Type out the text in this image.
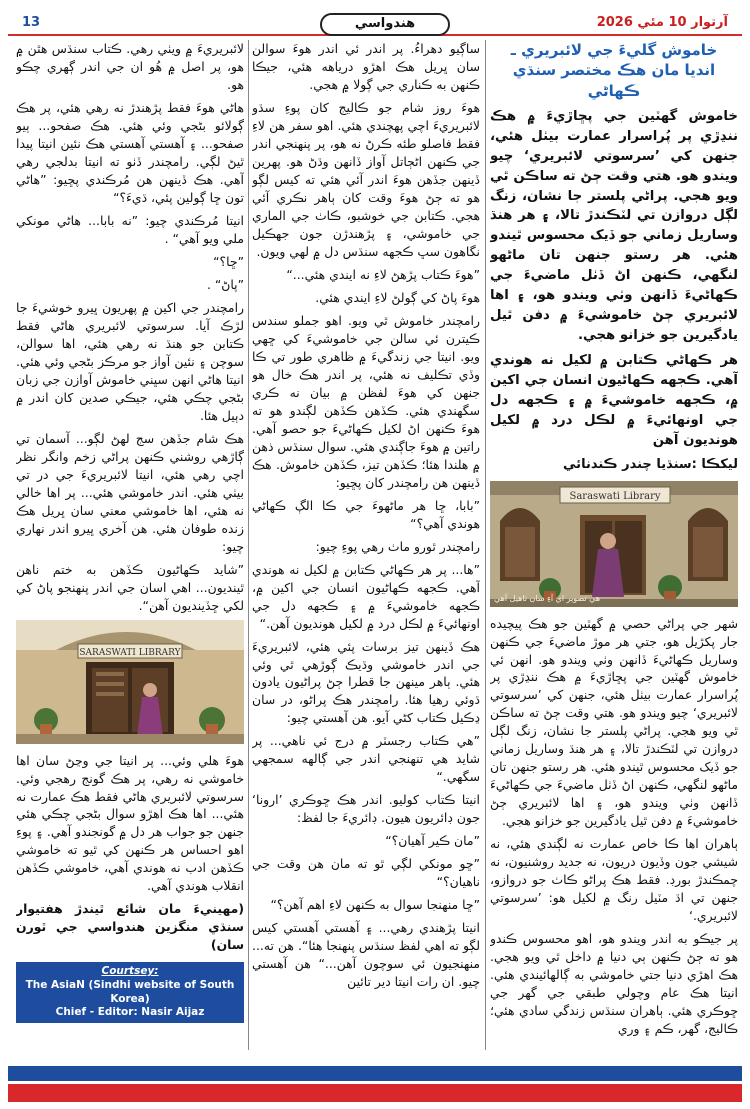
13	هندواسي	آرتوار 10 مئي 2026
خاموش گليءَ جي لائبريري ـ
انديا مان هڪ مختصر سنڌي ڪهاڻي

خاموش گھٽين جي پڇاڙيءَ ۾ هڪ ننڍڙي پر پُراسرار عمارت بيٺل هئي، جنهن کي ’سرسوتي لائبريري‘ چيو ويندو هو. هتي وقت ڄڻ ته ساڪن ٿي ويو هجي. پراڻي پلستر جا نشان، زنگ لڳل دروازن تي لٽڪندڙ تالا، ۽ هر هنڌ وساريل زماني جو ڏيک محسوس ٿيندو هئي. هر رستو جنهن تان ماڻهو لنگهي، ڪنهن اڻ ڏٺل ماضيءَ جي ڪهاڻيءَ ڏانهن وٺي ويندو هو، ۽ اها لائبريري ڄڻ خاموشيءَ ۾ دفن ٿيل يادگيرين جو خزانو هجي.

هر ڪهاڻي ڪتابن ۾ لکيل نه هوندي آهي. ڪجهه ڪهاڻيون انسان جي اکين ۾، ڪجهه خاموشيءَ ۾ ۽ ڪجهه دل جي اونهائيءَ ۾ لڪل درد ۾ لکيل هونديون آهن

ليکڪا :سنڌيا چندر ڪندنائي
Saraswati Library
هي تصوير اي آءِ سان ٺاهيل آهي

شهر جي پراڻي حصي ۾ گھٽين جو هڪ پيچيده جار پکڙيل هو، جتي هر موڙ ماضيءَ جي ڪنهن وساريل ڪهاڻيءَ ڏانهن وٺي ويندو هو. انهن ئي خاموش گھٽين جي پڇاڙيءَ ۾ هڪ ننڍڙي پر پُراسرار عمارت بيٺل هئي، جنهن کي ’سرسوتي لائبريري‘ چيو ويندو هو. هتي وقت ڄڻ ته ساڪن ٿي ويو هجي. پراڻي پلستر جا نشان، زنگ لڳل دروازن تي لٽڪندڙ تالا، ۽ هر هنڌ وساريل زماني جو ڏيک محسوس ٿيندو هئي. هر رستو جنهن تان ماڻهو لنگهي، ڪنهن اڻ ڏٺل ماضيءَ جي ڪهاڻيءَ ڏانهن وٺي ويندو هو، ۽ اها لائبريري ڄڻ خاموشيءَ ۾ دفن ٿيل يادگيرين جو خزانو هجي.

ٻاهران اها ڪا خاص عمارت نه لڳندي هئي، نه شيشي جون وڏيون دريون، نه جديد روشنيون، نه چمڪندڙ بورڊ. فقط هڪ پراڻو ڪاٺ جو دروازو، جنهن تي اڌ مٽيل رنگ ۾ لکيل هو: ’سرسوتي لائبريري.‘

پر جيڪو به اندر ويندو هو، اهو محسوس ڪندو هو ته ڄڻ ڪنهن ٻي دنيا ۾ داخل ٿي ويو هجي. هڪ اهڙي دنيا جتي خاموشي به ڳالهائيندي هئي. انيتا هڪ عام وچولي طبقي جي گهر جي ڇوڪري هئي. ٻاهران سنڌس زندگي سادي هئي؛ ڪاليج، گهر، ڪم ۽ وري

ساڳيو دهراءُ. پر اندر ئي اندر هوءَ سوالن سان ڀريل هڪ اهڙو درياهه هئي، جيڪا ڪنهن به ڪناري جي ڳولا ۾ هجي.

هوءَ روز شام جو ڪاليج کان پوءِ سڌو لائبريريءَ اچي پهچندي هئي. اهو سفر هن لاءِ فقط فاصلو طئه ڪرڻ نه هو، پر پنهنجي اندر جي ڪنهن اڻڄاتل آواز ڏانهن وڌڻ هو. پهرين ڏينهن جڏهن هوءَ اندر آئي هئي ته کيس لڳو هو ته ڄڻ هوءَ وقت کان ٻاهر نڪري آئي هجي. ڪتابن جي خوشبو، ڪاٺ جي الماري جي خاموشي، ۽ پڙهندڙن جون جهڪيل نگاهون سڀ ڪجهه سنڌس دل ۾ لهي ويون.

”هوءَ ڪتاب پڙهڻ لاءِ نه ايندي هئي...“

هوءَ پاڻ کي ڳولڻ لاءِ ايندي هئي.

رامچندر خاموش ٿي ويو. اهو جملو سندس ڪيترن ئي سالن جي خاموشيءَ کي ڇهي ويو. انيتا جي زندگيءَ ۾ ظاهري طور تي ڪا وڏي تڪليف نه هئي، پر اندر هڪ خال هو جنهن کي هوءَ لفظن ۾ بيان نه ڪري سگهندي هئي. ڪڏهن ڪڏهن لڳندو هو ته هوءَ ڪنهن اڻ لکيل ڪهاڻيءَ جو حصو آهي. راتين ۾ هوءَ جاڳندي هئي. سوال سنڌس ذهن ۾ هلندا هئا؛ ڪڏهن تيز، ڪڏهن خاموش. هڪ ڏينهن هن رامچندر کان پڇيو:

”بابا، ڇا هر ماڻهوءَ جي ڪا الڳ ڪهاڻي هوندي آهي؟“

رامچندر ٿورو ماٺ رهي پوءِ چيو:

”ها... پر هر ڪهاڻي ڪتابن ۾ لکيل نه هوندي آهي. ڪجهه ڪهاڻيون انسان جي اکين ۾، ڪجهه خاموشيءَ ۾ ۽ ڪجهه دل جي اونهائيءَ ۾ لڪل درد ۾ لکيل هونديون آهن.“

هڪ ڏينهن تيز برسات پئي هئي، لائبريريءَ جي اندر خاموشي وڌيڪ ڳوڙهي ٿي وئي هئي. ٻاهر مينهن جا قطرا ڄڻ پراڻيون يادون ڌوئي رهيا هئا. رامچندر هڪ پراڻو، در سان ڍڪيل ڪتاب کڻي آيو. هن آهستي چيو:

”هي ڪتاب رجسٽر ۾ درج ئي ناهي... پر شايد هي تنهنجي اندر جي ڳالهه سمجهي سگهي.“

انيتا ڪتاب کوليو. اندر هڪ ڇوڪري ’ارونا‘ جون ڊائريون هيون. ڊائريءَ جا لفظ:

”مان ڪير آهيان؟“

”ڇو مونکي لڳي ٿو ته مان هن وقت جي ناهيان؟“

”ڇا منهنجا سوال به ڪنهن لاءِ اهم آهن؟“

انيتا پڙهندي رهي... ۽ آهستي آهستي کيس لڳو ته اهي لفظ سنڌس پنهنجا هئا“. هن ته... منهنجيون ئي سوچون آهن...“ هن آهستي چيو. ان رات انيتا دير تائين

لائبريريءَ ۾ ويٺي رهي. ڪتاب سنڌس هٿن ۾ هو، پر اصل ۾ هُو ان جي اندر ڳهري چڪو هو.

هاڻي هوءَ فقط پڙهندڙ نه رهي هئي، پر هڪ ڳولائو بڻجي وئي هئي. هڪ صفحو... ٻيو صفحو... ۽ آهستي آهستي هڪ نئين انيتا پيدا ٿيڻ لڳي. رامچندر ڏٺو ته انيتا بدلجي رهي آهي. هڪ ڏينهن هن مُرڪندي پڇيو: ”هاڻي تون ڇا ڳولين پئي، ڌيءَ؟“

انيتا مُرڪندي چيو: ”نه بابا... هاڻي مونکي ملي ويو آهي“ .

”ڇا؟“

”پاڻ“ .

رامچندر جي اکين ۾ پهريون ڀيرو خوشيءَ جا لڙڪ آيا. سرسوتي لائبريري هاڻي فقط ڪتابن جو هنڌ نه رهي هئي، اها سوالن، سوچن ۽ نئين آواز جو مرڪز بڻجي وئي هئي. انيتا هاڻي انهن سڀني خاموش آوازن جي زبان بڻجي چڪي هئي، جيڪي صدين کان اندر ۾ دٻيل هئا.

هڪ شام جڏهن سج لهڻ لڳو... آسمان تي ڳاڙهي روشني ڪنهن پراڻي زخم وانگر نظر اچي رهي هئي، انيتا لائبريريءَ جي در تي بيٺي هئي. اندر خاموشي هئي... پر اها خالي نه هئي، اها خاموشي معني سان ڀريل هڪ زنده طوفان هئي. هن آخري ڀيرو اندر نهاري چيو:

”شايد ڪهاڻيون ڪڏهن به ختم ناهن ٿينديون... اهي اسان جي اندر پنهنجو پاڻ کي لکي ڇڏينديون آهن“.

SARASWATI LIBRARY

هوءَ هلي وئي... پر انيتا جي وڃڻ سان اها خاموشي نه رهي، پر هڪ گونج رهجي وئي. سرسوتي لائبريري هاڻي فقط هڪ عمارت نه هئي... اها هڪ اهڙو سوال بڻجي چڪي هئي جنهن جو جواب هر دل ۾ گونجندو آهي. ۽ پوءِ اهو احساس هر ڪنهن کي ٿيو ته خاموشي ڪڏهن ادب نه هوندي آهي، خاموشي ڪڏهن انقلاب هوندي آهي.

(مهينيءَ مان شائع ٿيندڙ هفتيوار سنڌي منگزين هندواسي جي ٿورن سان)

Courtsey:
The AsiaN (Sindhi website of South Korea)
Chief - Editor: Nasir Aijaz
